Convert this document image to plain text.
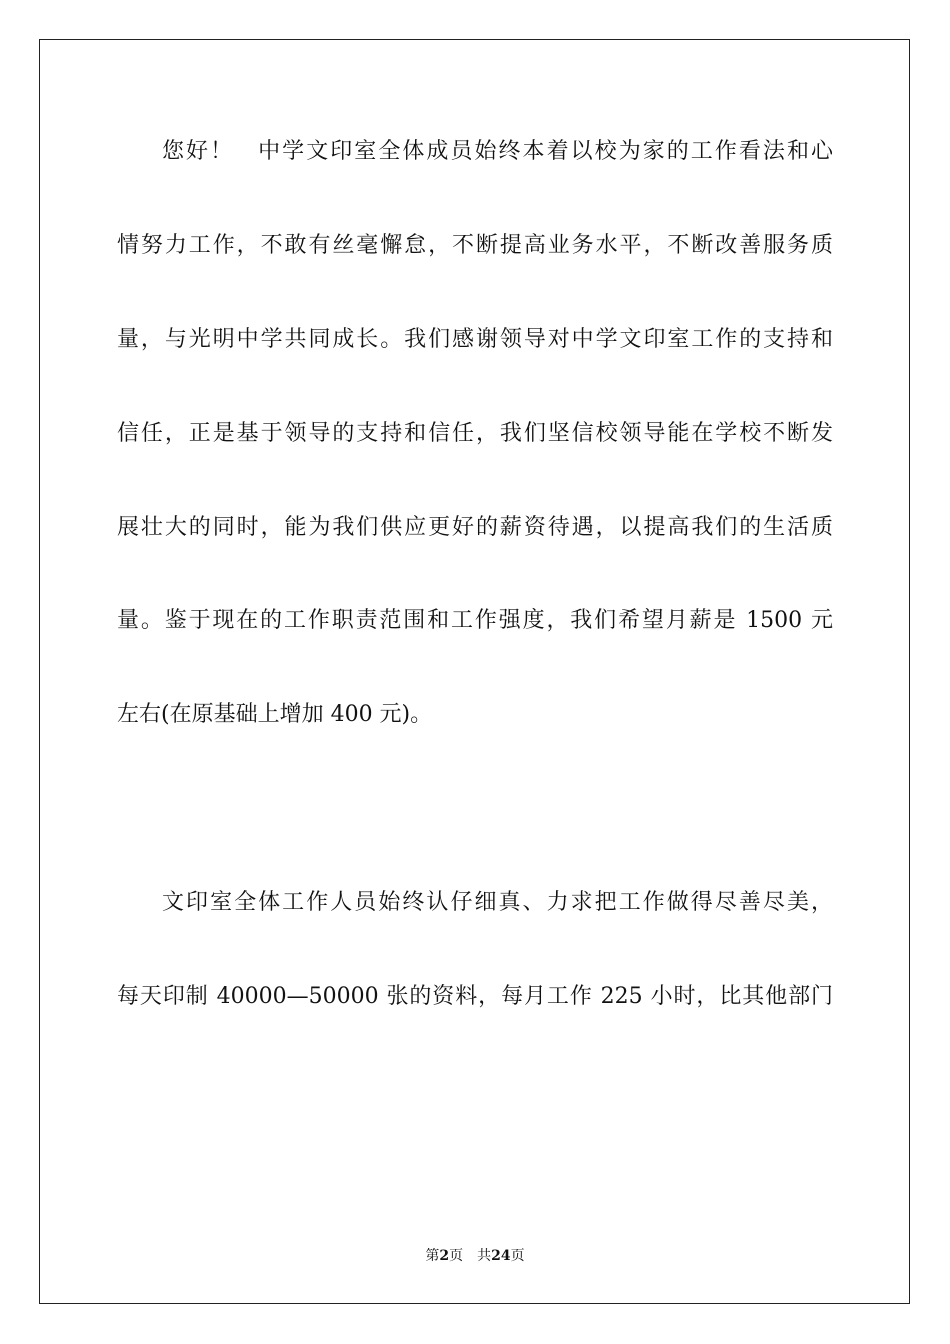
您好！　中学文印室全体成员始终本着以校为家的工作看法和心
情努力工作，不敢有丝毫懈怠，不断提高业务水平，不断改善服务质
量，与光明中学共同成长。我们感谢领导对中学文印室工作的支持和
信任，正是基于领导的支持和信任，我们坚信校领导能在学校不断发
展壮大的同时，能为我们供应更好的薪资待遇，以提高我们的生活质
量。鉴于现在的工作职责范围和工作强度，我们希望月薪是 1500 元
左右(在原基础上增加 400 元)。
文印室全体工作人员始终认仔细真、力求把工作做得尽善尽美，
每天印制 40000—50000 张的资料，每月工作 225 小时，比其他部门
第2页 共24页
